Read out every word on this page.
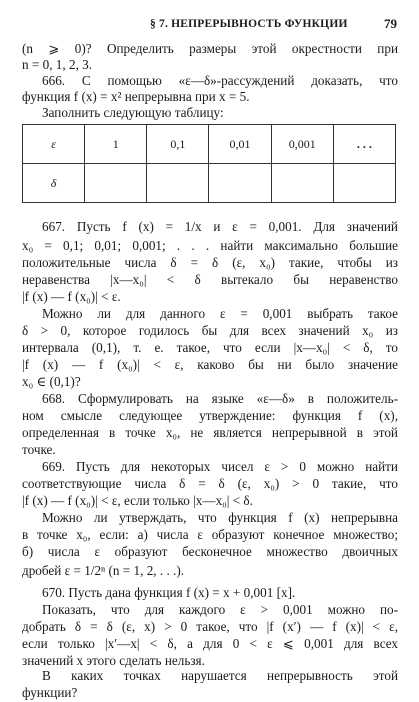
§ 7. НЕПРЕРЫВНОСТЬ ФУНКЦИИ	79
(n ⩾ 0)? Определить размеры этой окрестности при
n = 0, 1, 2, 3.
666. С помощью «ε—δ»-рассуждений доказать, что
функция f (x) = x² непрерывна при x = 5.
Заполнить следующую таблицу:
ε	1	0,1	0,01	0,001	. . .
δ					
667. Пусть f (x) = 1/x и ε = 0,001. Для значений
x₀ = 0,1; 0,01; 0,001; . . . найти максимально большие
положительные числа δ = δ (ε, x₀) такие, чтобы из
неравенства |x—x₀| < δ вытекало бы неравенство
|f (x) — f (x₀)| < ε.
Можно ли для данного ε = 0,001 выбрать такое
δ > 0, которое годилось бы для всех значений x₀ из
интервала (0,1), т. е. такое, что если |x—x₀| < δ, то
|f (x) — f (x₀)| < ε, каково бы ни было значение
x₀ ∈ (0,1)?
668. Сформулировать на языке «ε—δ» в положитель-
ном смысле следующее утверждение: функция f (x),
определенная в точке x₀, не является непрерывной в этой
точке.
669. Пусть для некоторых чисел ε > 0 можно найти
соответствующие числа δ = δ (ε, x₀) > 0 такие, что
|f (x) — f (x₀)| < ε, если только |x—x₀| < δ.
Можно ли утверждать, что функция f (x) непрерывна
в точке x₀, если: а) числа ε образуют конечное множество;
б) числа ε образуют бесконечное множество двоичных
дробей ε = 1/2ⁿ (n = 1, 2, . . .).
670. Пусть дана функция f (x) = x + 0,001 [x].
Показать, что для каждого ε > 0,001 можно по-
добрать δ = δ (ε, x) > 0 такое, что |f (x′) — f (x)| < ε,
если только |x′—x| < δ, а для 0 < ε ⩽ 0,001 для всех
значений x этого сделать нельзя.
В каких точках нарушается непрерывность этой
функции?
